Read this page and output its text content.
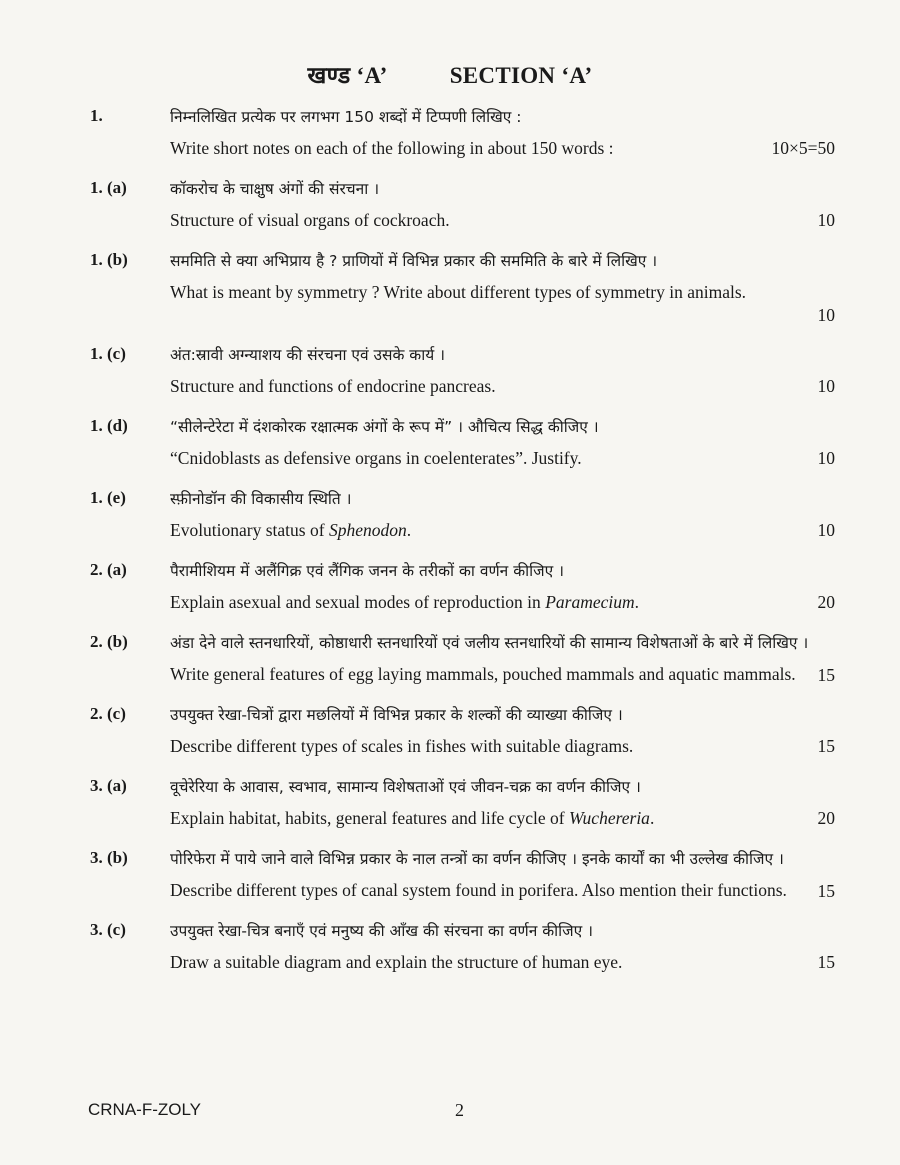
खण्ड ‘A’	SECTION ‘A’
1.	निम्नलिखित प्रत्येक पर लगभग 150 शब्दों में टिप्पणी लिखिए :
Write short notes on each of the following in about 150 words :	10×5=50
1. (a)	कॉकरोच के चाक्षुष अंगों की संरचना ।
Structure of visual organs of cockroach.	10
1. (b)	सममिति से क्या अभिप्राय है ? प्राणियों में विभिन्न प्रकार की सममिति के बारे में लिखिए ।
What is meant by symmetry ? Write about different types of symmetry in animals.
10
1. (c)	अंत:स्रावी अग्न्याशय की संरचना एवं उसके कार्य ।
Structure and functions of endocrine pancreas.	10
1. (d)	“सीलेन्टेरेटा में दंशकोरक रक्षात्मक अंगों के रूप में” । औचित्य सिद्ध कीजिए ।
“Cnidoblasts as defensive organs in coelenterates”. Justify.	10
1. (e)	स्फ़ीनोडॉन की विकासीय स्थिति ।
Evolutionary status of Sphenodon.	10
2. (a)	पैरामीशियम में अलैंगिक्र एवं लैंगिक जनन के तरीकों का वर्णन कीजिए ।
Explain asexual and sexual modes of reproduction in Paramecium.	20
2. (b)	अंडा देने वाले स्तनधारियों, कोष्ठाधारी स्तनधारियों एवं जलीय स्तनधारियों की सामान्य विशेषताओं के बारे में लिखिए ।
Write general features of egg laying mammals, pouched mammals and aquatic mammals.	15
2. (c)	उपयुक्त रेखा-चित्रों द्वारा मछलियों में विभिन्न प्रकार के शल्कों की व्याख्या कीजिए ।
Describe different types of scales in fishes with suitable diagrams.	15
3. (a)	वूचेरेरिया के आवास, स्वभाव, सामान्य विशेषताओं एवं जीवन-चक्र का वर्णन कीजिए ।
Explain habitat, habits, general features and life cycle of Wuchereria.	20
3. (b)	पोरिफेरा में पाये जाने वाले विभिन्न प्रकार के नाल तन्त्रों का वर्णन कीजिए । इनके कार्यों का भी उल्लेख कीजिए ।
Describe different types of canal system found in porifera. Also mention their functions.	15
3. (c)	उपयुक्त रेखा-चित्र बनाएँ एवं मनुष्य की आँख की संरचना का वर्णन कीजिए ।
Draw a suitable diagram and explain the structure of human eye.	15
CRNA-F-ZOLY	2
